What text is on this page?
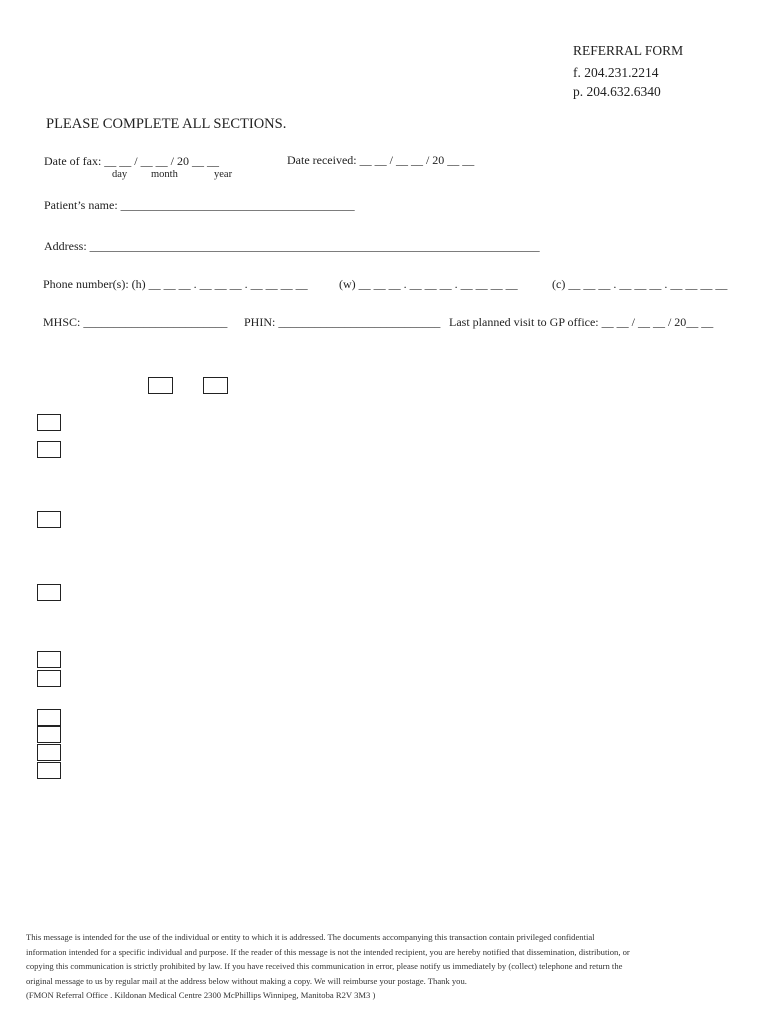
REFERRAL FORM
f. 204.231.2214
p. 204.632.6340
PLEASE COMPLETE ALL SECTIONS.
Date of fax: __ __ / __ __ / 20 __ __
day month	year
Date received: __ __ / __ __ / 20 __ __
Patient’s name: _______________________________________
Address: ___________________________________________________________________________
Phone number(s): (h) __ __ __ . __ __ __ . __ __ __ __	(w) __ __ __ . __ __ __ . __ __ __ __	(c) __ __ __ . __ __ __ . __ __ __ __
MHSC: ________________________ PHIN: ___________________________ Last planned visit to GP office: __ __ / __ __ / 20__ __
This message is intended for the use of the individual or entity to which it is addressed. The documents accompanying this transaction contain privileged confidential
information intended for a specific individual and purpose. If the reader of this message is not the intended recipient, you are hereby notified that dissemination, distribution, or
copying this communication is strictly prohibited by law. If you have received this communication in error, please notify us immediately by (collect) telephone and return the
original message to us by regular mail at the address below without making a copy. We will reimburse your postage. Thank you.
(FMON Referral Office . Kildonan Medical Centre 2300 McPhillips Winnipeg, Manitoba R2V 3M3 )
